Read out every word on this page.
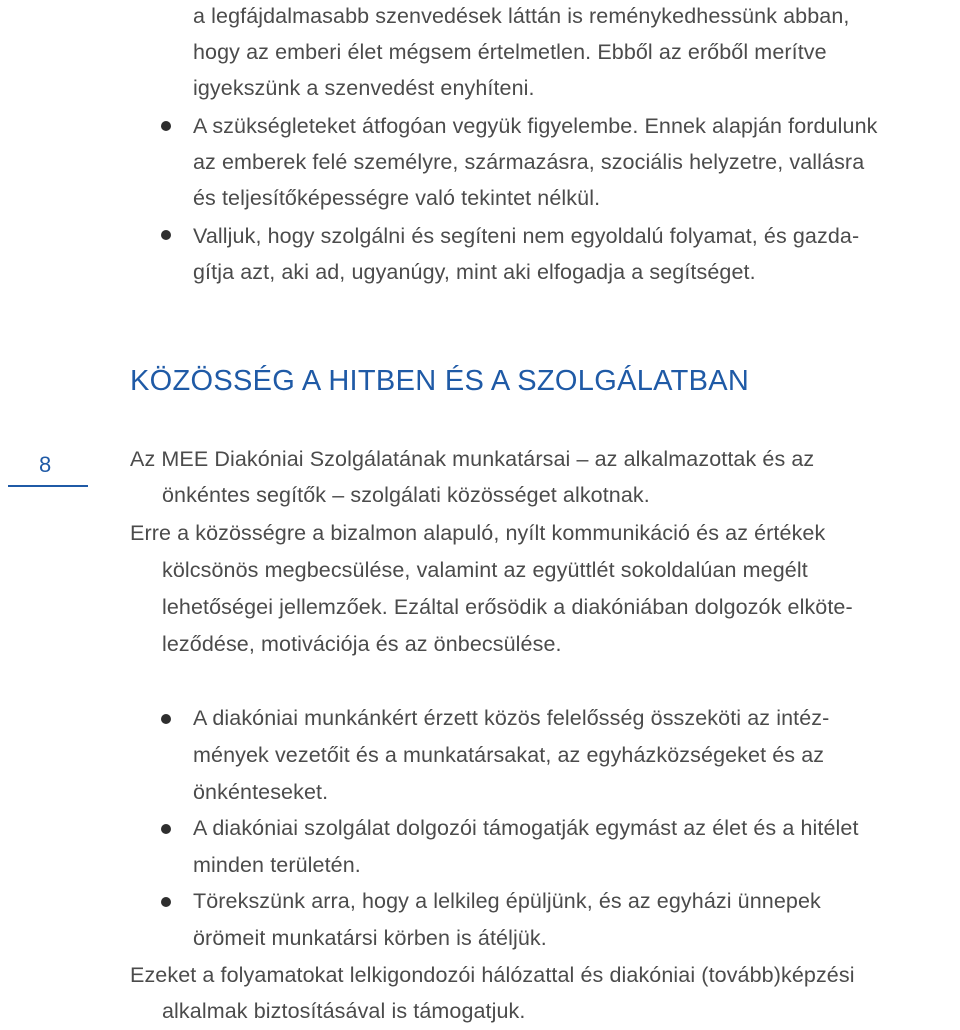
a legfájdalmasabb szenvedések láttán is reménykedhessünk abban,
hogy az emberi élet mégsem értelmetlen. Ebből az erőből merítve
igyekszünk a szenvedést enyhíteni.
A szükségleteket átfogóan vegyük figyelembe. Ennek alapján fordulunk
az emberek felé személyre, származásra, szociális helyzetre, vallásra
és teljesítőképességre való tekintet nélkül.
Valljuk, hogy szolgálni és segíteni nem egyoldalú folyamat, és gazda-
gítja azt, aki ad, ugyanúgy, mint aki elfogadja a segítséget.
KÖZÖSSÉG A HITBEN ÉS A SZOLGÁLATBAN
8	Az MEE Diakóniai Szolgálatának munkatársai – az alkalmazottak és az
önkéntes segítők – szolgálati közösséget alkotnak.
Erre a közösségre a bizalmon alapuló, nyílt kommunikáció és az értékek
kölcsönös megbecsülése, valamint az együttlét sokoldalúan megélt
lehetőségei jellemzőek. Ezáltal erősödik a diakóniában dolgozók elköte-
leződése, motivációja és az önbecsülése.
A diakóniai munkánkért érzett közös felelősség összeköti az intéz-
mények vezetőit és a munkatársakat, az egyházközségeket és az
önkénteseket.
A diakóniai szolgálat dolgozói támogatják egymást az élet és a hitélet
minden területén.
Törekszünk arra, hogy a lelkileg épüljünk, és az egyházi ünnepek
örömeit munkatársi körben is átéljük.
Ezeket a folyamatokat lelkigondozói hálózattal és diakóniai (tovább)képzési
alkalmak biztosításával is támogatjuk.
